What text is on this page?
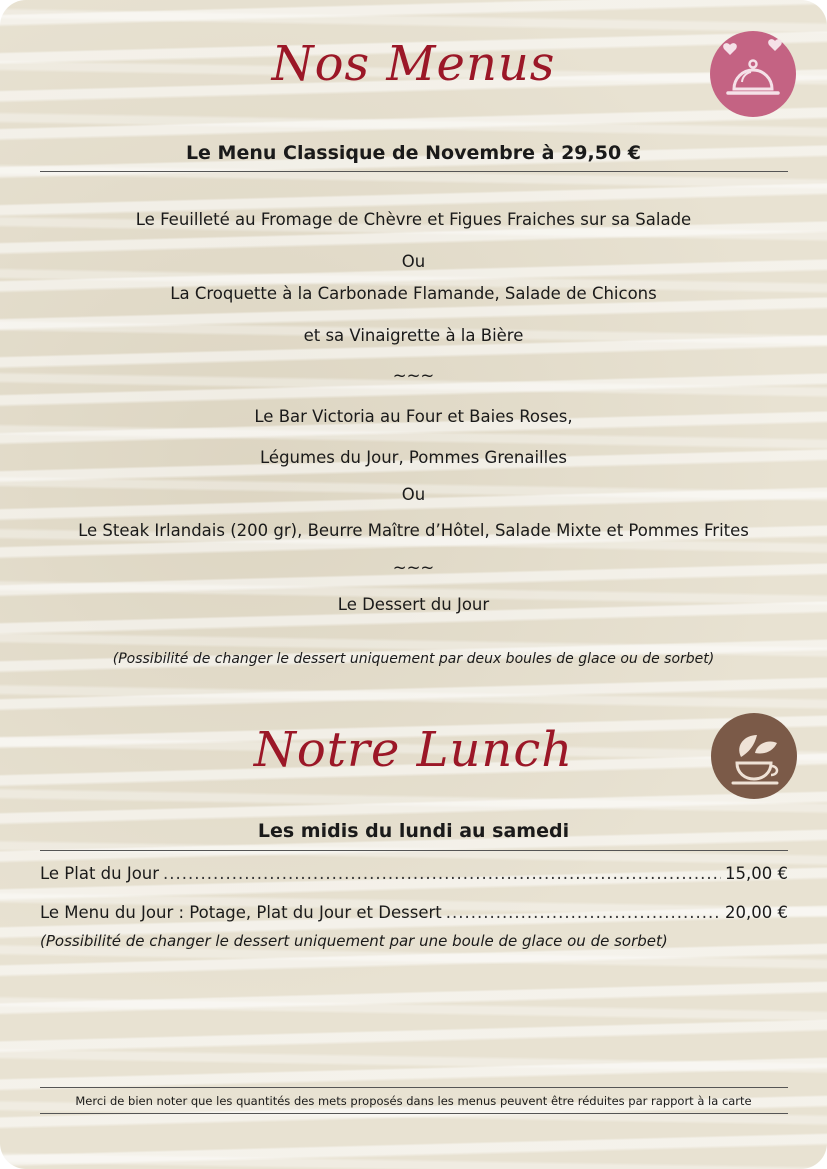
Nos Menus
Le Menu Classique de Novembre à 29,50 €
Le Feuilleté au Fromage de Chèvre et Figues Fraiches sur sa Salade
Ou
La Croquette à la Carbonade Flamande, Salade de Chicons
et sa Vinaigrette à la Bière
~~~
Le Bar Victoria au Four et Baies Roses,
Légumes du Jour, Pommes Grenailles
Ou
Le Steak Irlandais (200 gr), Beurre Maître d’Hôtel, Salade Mixte et Pommes Frites
~~~
Le Dessert du Jour
(Possibilité de changer le dessert uniquement par deux boules de glace ou de sorbet)
Notre Lunch
Les midis du lundi au samedi
Le Plat du Jour .....	15,00 €
Le Menu du Jour : Potage, Plat du Jour et Dessert .....	20,00 €
(Possibilité de changer le dessert uniquement par une boule de glace ou de sorbet)
Merci de bien noter que les quantités des mets proposés dans les menus peuvent être réduites par rapport à la carte
